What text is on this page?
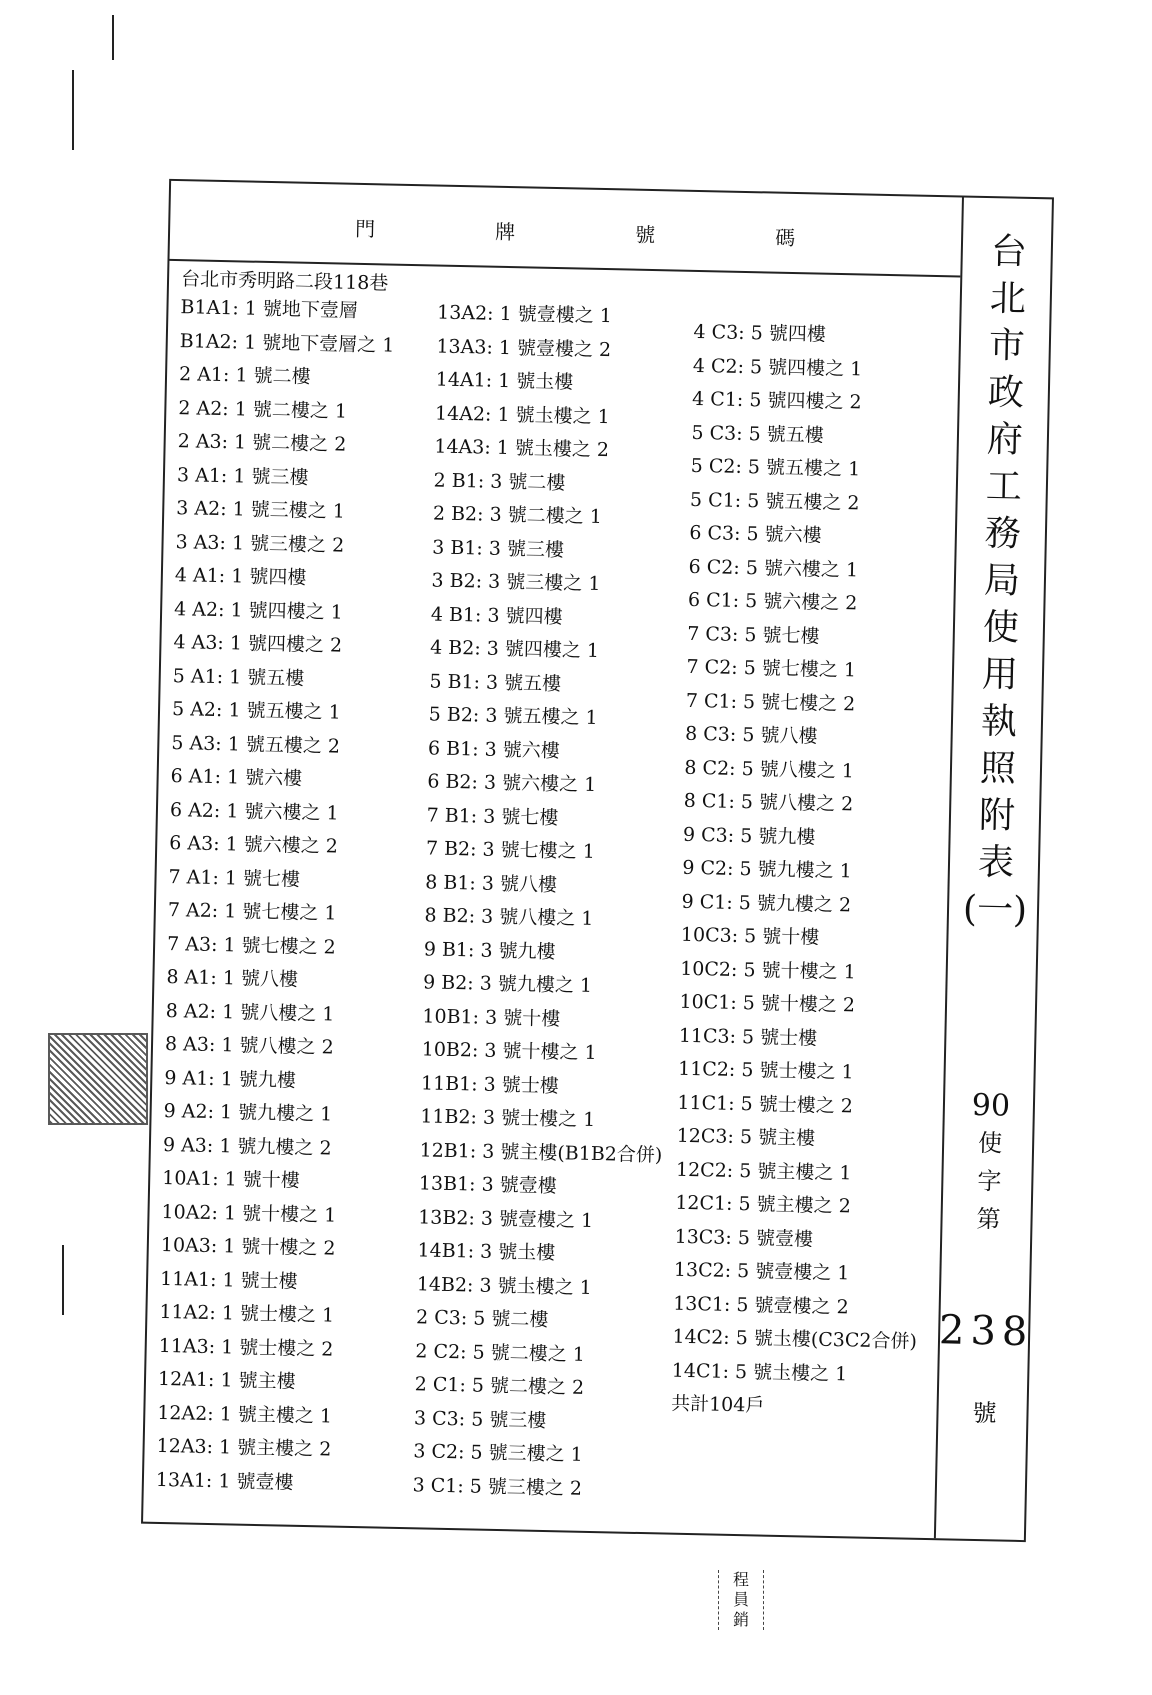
門	牌	號	碼
台北市秀明路二段118巷
B1A1: 1 號地下壹層
B1A2: 1 號地下壹層之 1
2 A1: 1 號二樓
2 A2: 1 號二樓之 1
2 A3: 1 號二樓之 2
3 A1: 1 號三樓
3 A2: 1 號三樓之 1
3 A3: 1 號三樓之 2
4 A1: 1 號四樓
4 A2: 1 號四樓之 1
4 A3: 1 號四樓之 2
5 A1: 1 號五樓
5 A2: 1 號五樓之 1
5 A3: 1 號五樓之 2
6 A1: 1 號六樓
6 A2: 1 號六樓之 1
6 A3: 1 號六樓之 2
7 A1: 1 號七樓
7 A2: 1 號七樓之 1
7 A3: 1 號七樓之 2
8 A1: 1 號八樓
8 A2: 1 號八樓之 1
8 A3: 1 號八樓之 2
9 A1: 1 號九樓
9 A2: 1 號九樓之 1
9 A3: 1 號九樓之 2
10A1: 1 號十樓
10A2: 1 號十樓之 1
10A3: 1 號十樓之 2
11A1: 1 號士樓
11A2: 1 號士樓之 1
11A3: 1 號士樓之 2
12A1: 1 號主樓
12A2: 1 號主樓之 1
12A3: 1 號主樓之 2
13A1: 1 號壹樓
13A2: 1 號壹樓之 1
13A3: 1 號壹樓之 2
14A1: 1 號圡樓
14A2: 1 號圡樓之 1
14A3: 1 號圡樓之 2
2 B1: 3 號二樓
2 B2: 3 號二樓之 1
3 B1: 3 號三樓
3 B2: 3 號三樓之 1
4 B1: 3 號四樓
4 B2: 3 號四樓之 1
5 B1: 3 號五樓
5 B2: 3 號五樓之 1
6 B1: 3 號六樓
6 B2: 3 號六樓之 1
7 B1: 3 號七樓
7 B2: 3 號七樓之 1
8 B1: 3 號八樓
8 B2: 3 號八樓之 1
9 B1: 3 號九樓
9 B2: 3 號九樓之 1
10B1: 3 號十樓
10B2: 3 號十樓之 1
11B1: 3 號士樓
11B2: 3 號士樓之 1
12B1: 3 號主樓(B1B2合併)
13B1: 3 號壹樓
13B2: 3 號壹樓之 1
14B1: 3 號圡樓
14B2: 3 號圡樓之 1
2 C3: 5 號二樓
2 C2: 5 號二樓之 1
2 C1: 5 號二樓之 2
3 C3: 5 號三樓
3 C2: 5 號三樓之 1
3 C1: 5 號三樓之 2
4 C3: 5 號四樓
4 C2: 5 號四樓之 1
4 C1: 5 號四樓之 2
5 C3: 5 號五樓
5 C2: 5 號五樓之 1
5 C1: 5 號五樓之 2
6 C3: 5 號六樓
6 C2: 5 號六樓之 1
6 C1: 5 號六樓之 2
7 C3: 5 號七樓
7 C2: 5 號七樓之 1
7 C1: 5 號七樓之 2
8 C3: 5 號八樓
8 C2: 5 號八樓之 1
8 C1: 5 號八樓之 2
9 C3: 5 號九樓
9 C2: 5 號九樓之 1
9 C1: 5 號九樓之 2
10C3: 5 號十樓
10C2: 5 號十樓之 1
10C1: 5 號十樓之 2
11C3: 5 號士樓
11C2: 5 號士樓之 1
11C1: 5 號士樓之 2
12C3: 5 號主樓
12C2: 5 號主樓之 1
12C1: 5 號主樓之 2
13C3: 5 號壹樓
13C2: 5 號壹樓之 1
13C1: 5 號壹樓之 2
14C2: 5 號圡樓(C3C2合併)
14C1: 5 號圡樓之 1
共計104戶
台
北
市
政
府
工
務
局
使
用
執
照
附
表
(一)
90
使
字
第
238
號
程
員
銷
